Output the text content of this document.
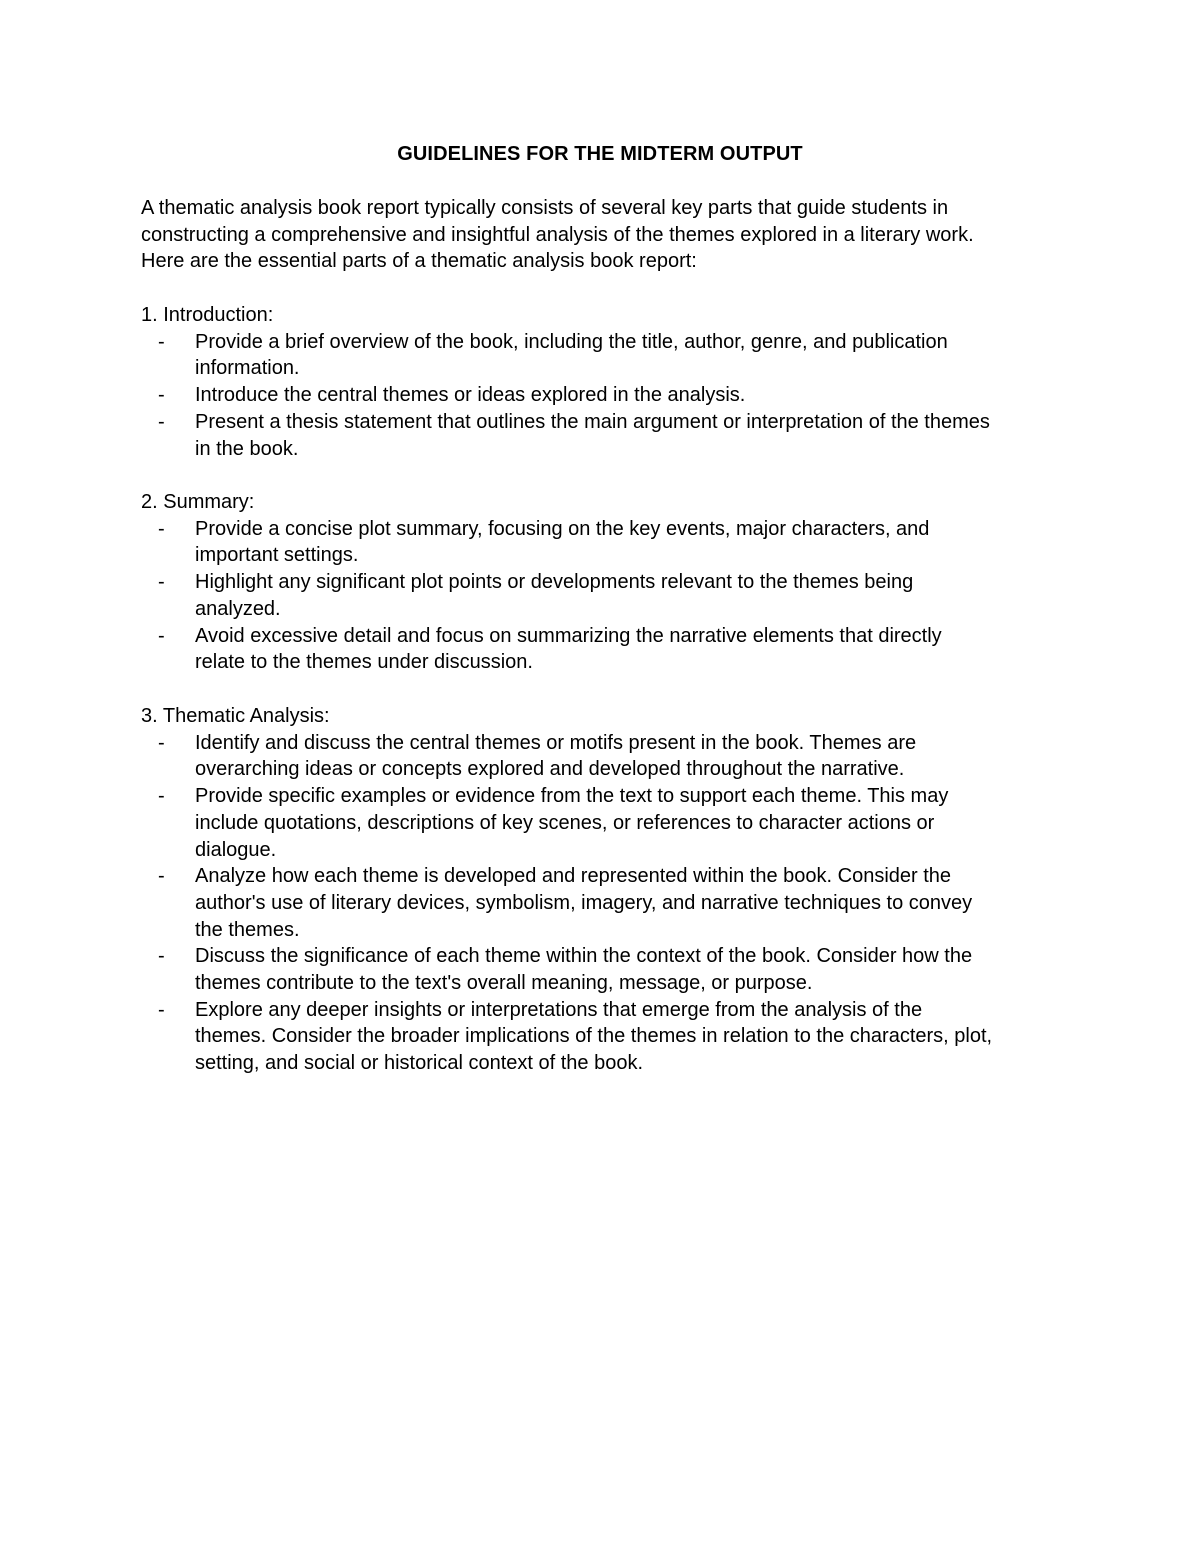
GUIDELINES FOR THE MIDTERM OUTPUT
A thematic analysis book report typically consists of several key parts that guide students in
constructing a comprehensive and insightful analysis of the themes explored in a literary work.
Here are the essential parts of a thematic analysis book report:
1. Introduction:
- Provide a brief overview of the book, including the title, author, genre, and publication
information.
- Introduce the central themes or ideas explored in the analysis.
- Present a thesis statement that outlines the main argument or interpretation of the themes
in the book.
2. Summary:
- Provide a concise plot summary, focusing on the key events, major characters, and
important settings.
- Highlight any significant plot points or developments relevant to the themes being
analyzed.
- Avoid excessive detail and focus on summarizing the narrative elements that directly
relate to the themes under discussion.
3. Thematic Analysis:
- Identify and discuss the central themes or motifs present in the book. Themes are
overarching ideas or concepts explored and developed throughout the narrative.
- Provide specific examples or evidence from the text to support each theme. This may
include quotations, descriptions of key scenes, or references to character actions or
dialogue.
- Analyze how each theme is developed and represented within the book. Consider the
author's use of literary devices, symbolism, imagery, and narrative techniques to convey
the themes.
- Discuss the significance of each theme within the context of the book. Consider how the
themes contribute to the text's overall meaning, message, or purpose.
- Explore any deeper insights or interpretations that emerge from the analysis of the
themes. Consider the broader implications of the themes in relation to the characters, plot,
setting, and social or historical context of the book.
